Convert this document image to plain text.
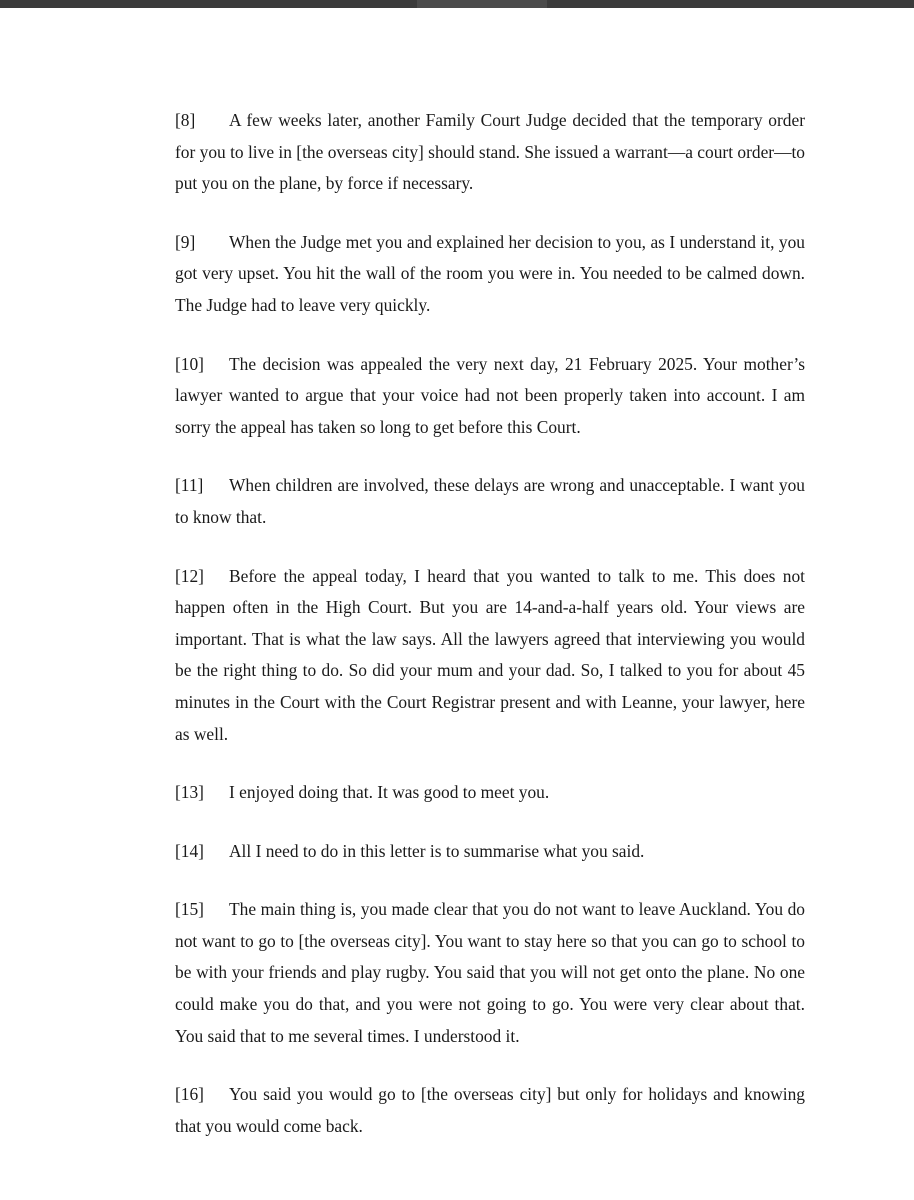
[8] A few weeks later, another Family Court Judge decided that the temporary order for you to live in [the overseas city] should stand. She issued a warrant—a court order—to put you on the plane, by force if necessary.

[9] When the Judge met you and explained her decision to you, as I understand it, you got very upset. You hit the wall of the room you were in. You needed to be calmed down. The Judge had to leave very quickly.

[10] The decision was appealed the very next day, 21 February 2025. Your mother’s lawyer wanted to argue that your voice had not been properly taken into account. I am sorry the appeal has taken so long to get before this Court.

[11] When children are involved, these delays are wrong and unacceptable. I want you to know that.

[12] Before the appeal today, I heard that you wanted to talk to me. This does not happen often in the High Court. But you are 14-and-a-half years old. Your views are important. That is what the law says. All the lawyers agreed that interviewing you would be the right thing to do. So did your mum and your dad. So, I talked to you for about 45 minutes in the Court with the Court Registrar present and with Leanne, your lawyer, here as well.

[13] I enjoyed doing that. It was good to meet you.

[14] All I need to do in this letter is to summarise what you said.

[15] The main thing is, you made clear that you do not want to leave Auckland. You do not want to go to [the overseas city]. You want to stay here so that you can go to school to be with your friends and play rugby. You said that you will not get onto the plane. No one could make you do that, and you were not going to go. You were very clear about that. You said that to me several times. I understood it.

[16] You said you would go to [the overseas city] but only for holidays and knowing that you would come back.
